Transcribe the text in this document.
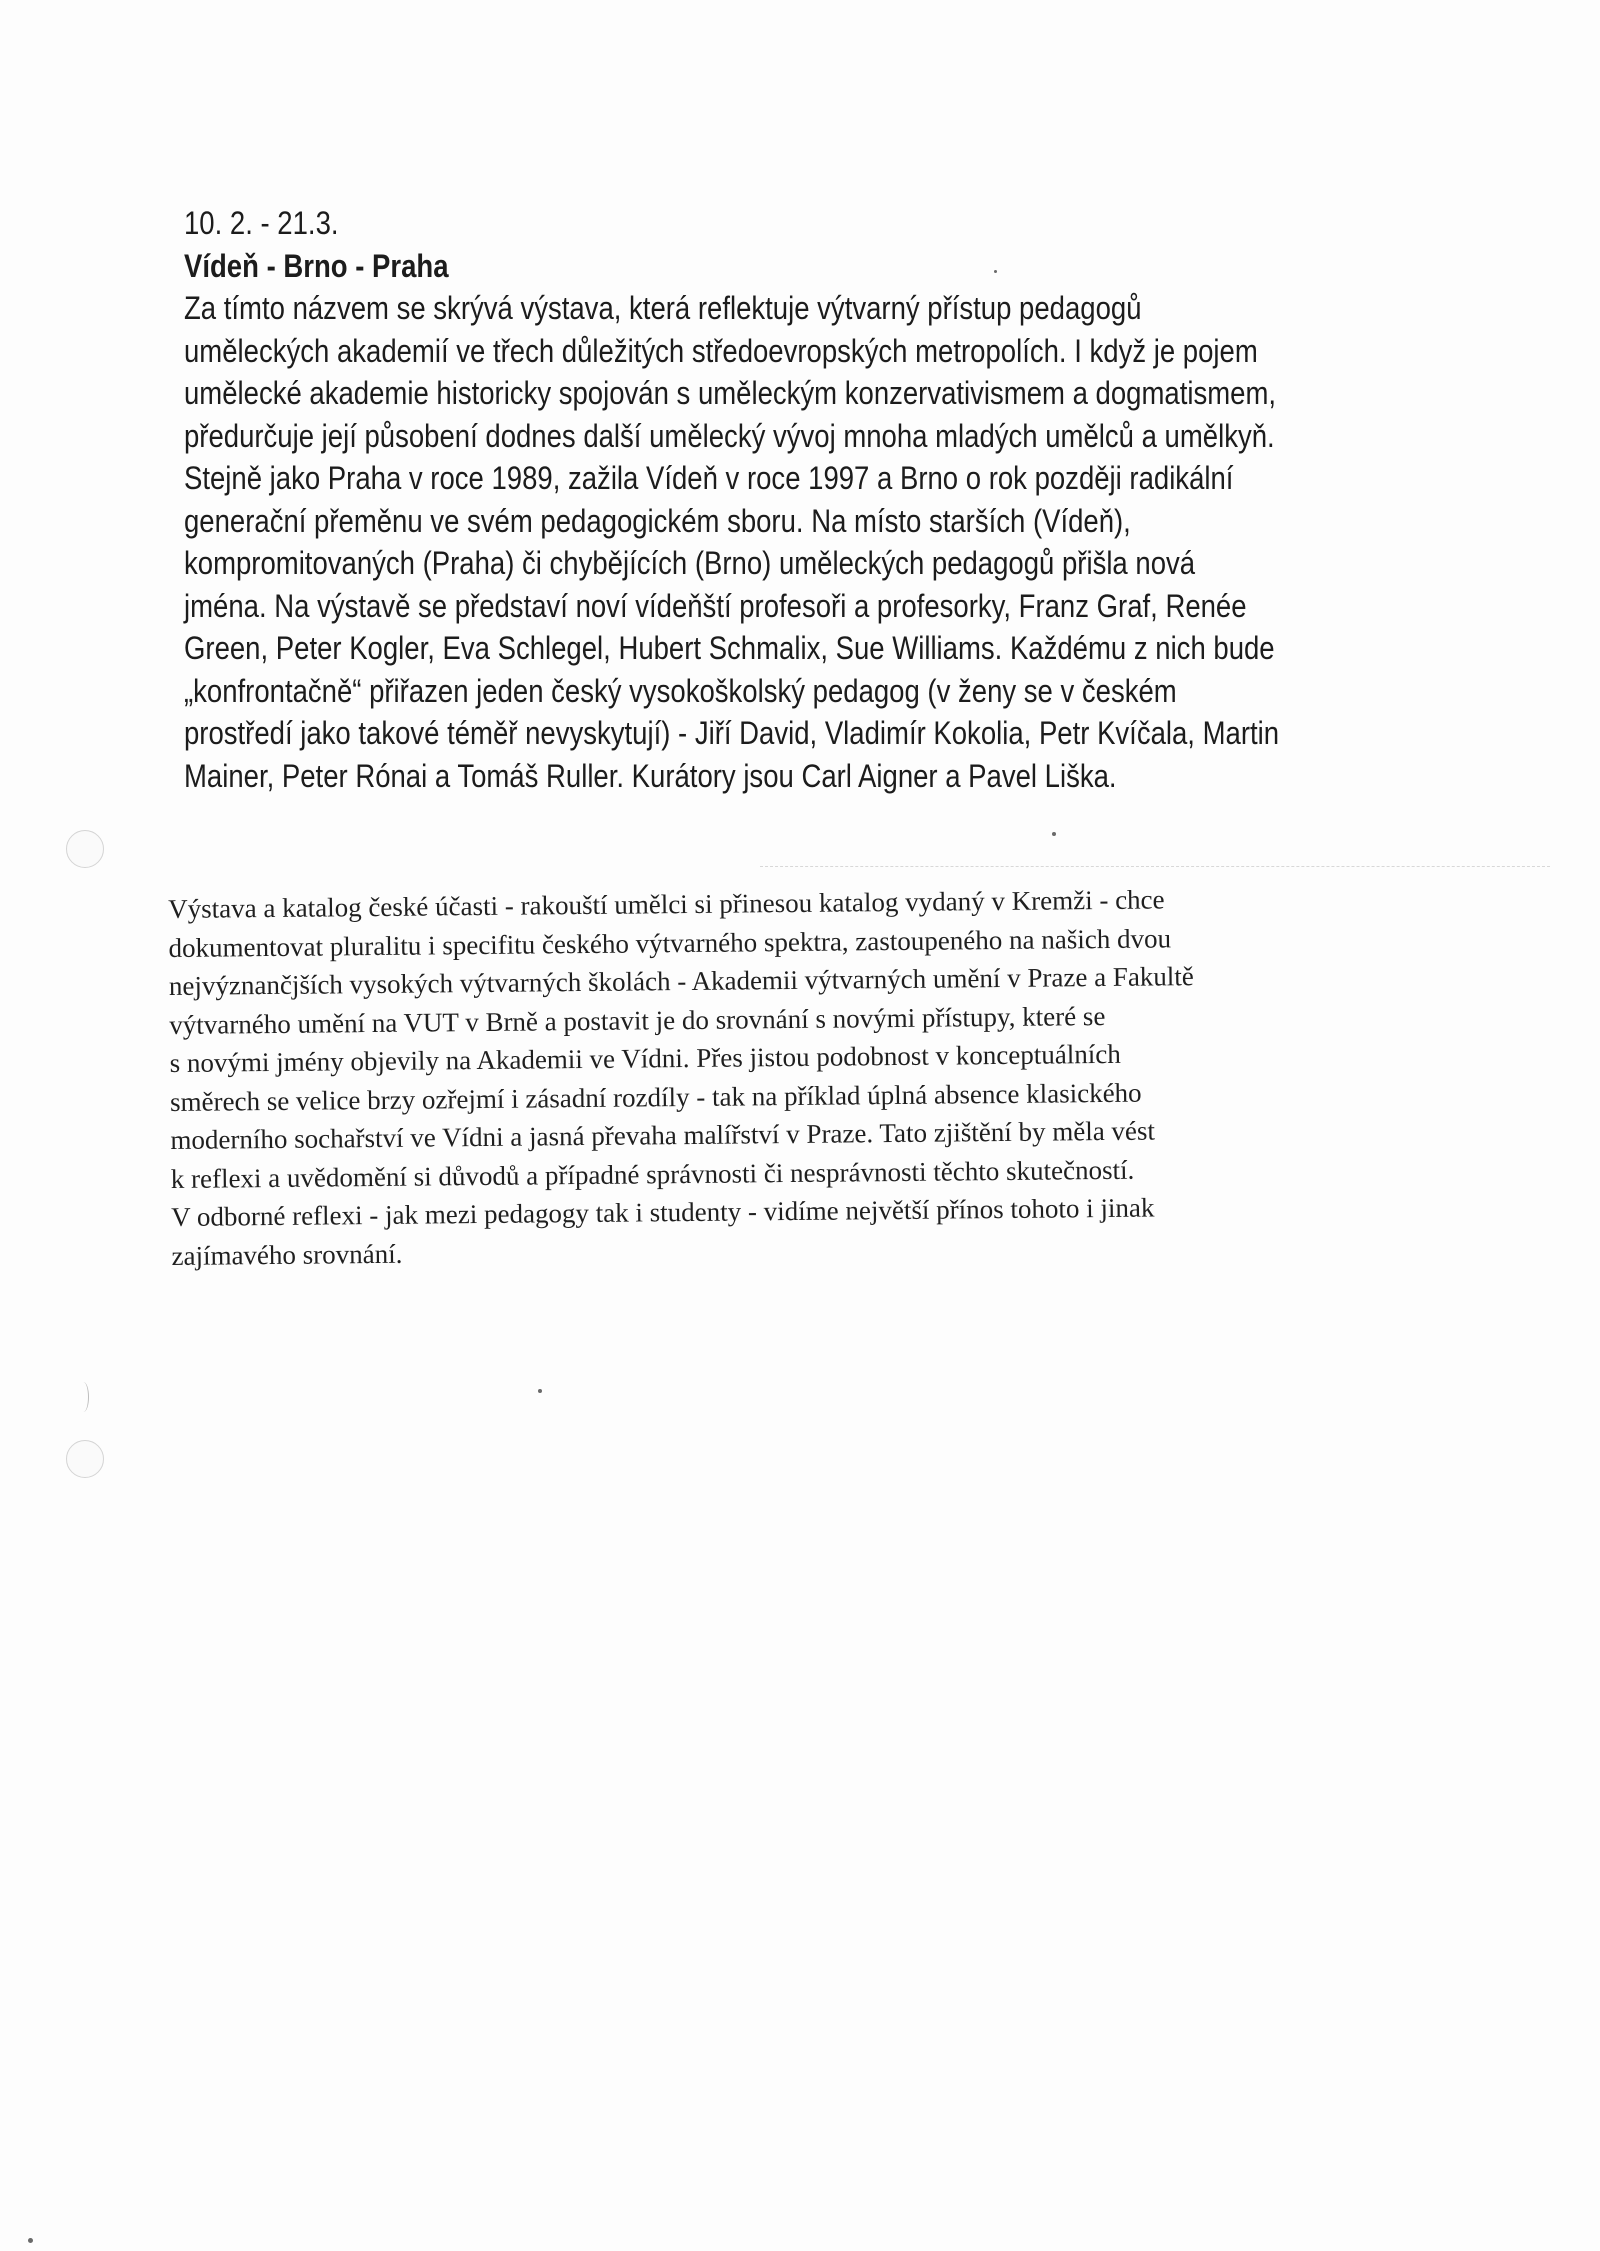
10. 2. - 21.3.
Vídeň - Brno - Praha
Za tímto názvem se skrývá výstava, která reflektuje výtvarný přístup pedagogů
uměleckých akademií ve třech důležitých středoevropských metropolích. I když je pojem
umělecké akademie historicky spojován s uměleckým konzervativismem a dogmatismem,
předurčuje její působení dodnes další umělecký vývoj mnoha mladých umělců a umělkyň.
Stejně jako Praha v roce 1989, zažila Vídeň v roce 1997 a Brno o rok později radikální
generační přeměnu ve svém pedagogickém sboru. Na místo starších (Vídeň),
kompromitovaných (Praha) či chybějících (Brno) uměleckých pedagogů přišla nová
jména. Na výstavě se představí noví vídeňští profesoři a profesorky, Franz Graf, Renée
Green, Peter Kogler, Eva Schlegel, Hubert Schmalix, Sue Williams. Každému z nich bude
„konfrontačně“ přiřazen jeden český vysokoškolský pedagog (v ženy se v českém
prostředí jako takové téměř nevyskytují) - Jiří David, Vladimír Kokolia, Petr Kvíčala, Martin
Mainer, Peter Rónai a Tomáš Ruller. Kurátory jsou Carl Aigner a Pavel Liška.
Výstava a katalog české účasti - rakouští umělci si přinesou katalog vydaný v Kremži - chce
dokumentovat pluralitu i specifitu českého výtvarného spektra, zastoupeného na našich dvou
nejvýznančjších vysokých výtvarných školách - Akademii výtvarných umění v Praze a Fakultě
výtvarného umění na VUT v Brně a postavit je do srovnání s novými přístupy, které se
s novými jmény objevily na Akademii ve Vídni. Přes jistou podobnost v konceptuálních
směrech se velice brzy ozřejmí i zásadní rozdíly - tak na příklad úplná absence klasického
moderního sochařství ve Vídni a jasná převaha malířství v Praze. Tato zjištění by měla vést
k reflexi a uvědomění si důvodů a případné správnosti či nesprávnosti těchto skutečností.
V odborné reflexi - jak mezi pedagogy tak i studenty - vidíme největší přínos tohoto i jinak
zajímavého srovnání.
